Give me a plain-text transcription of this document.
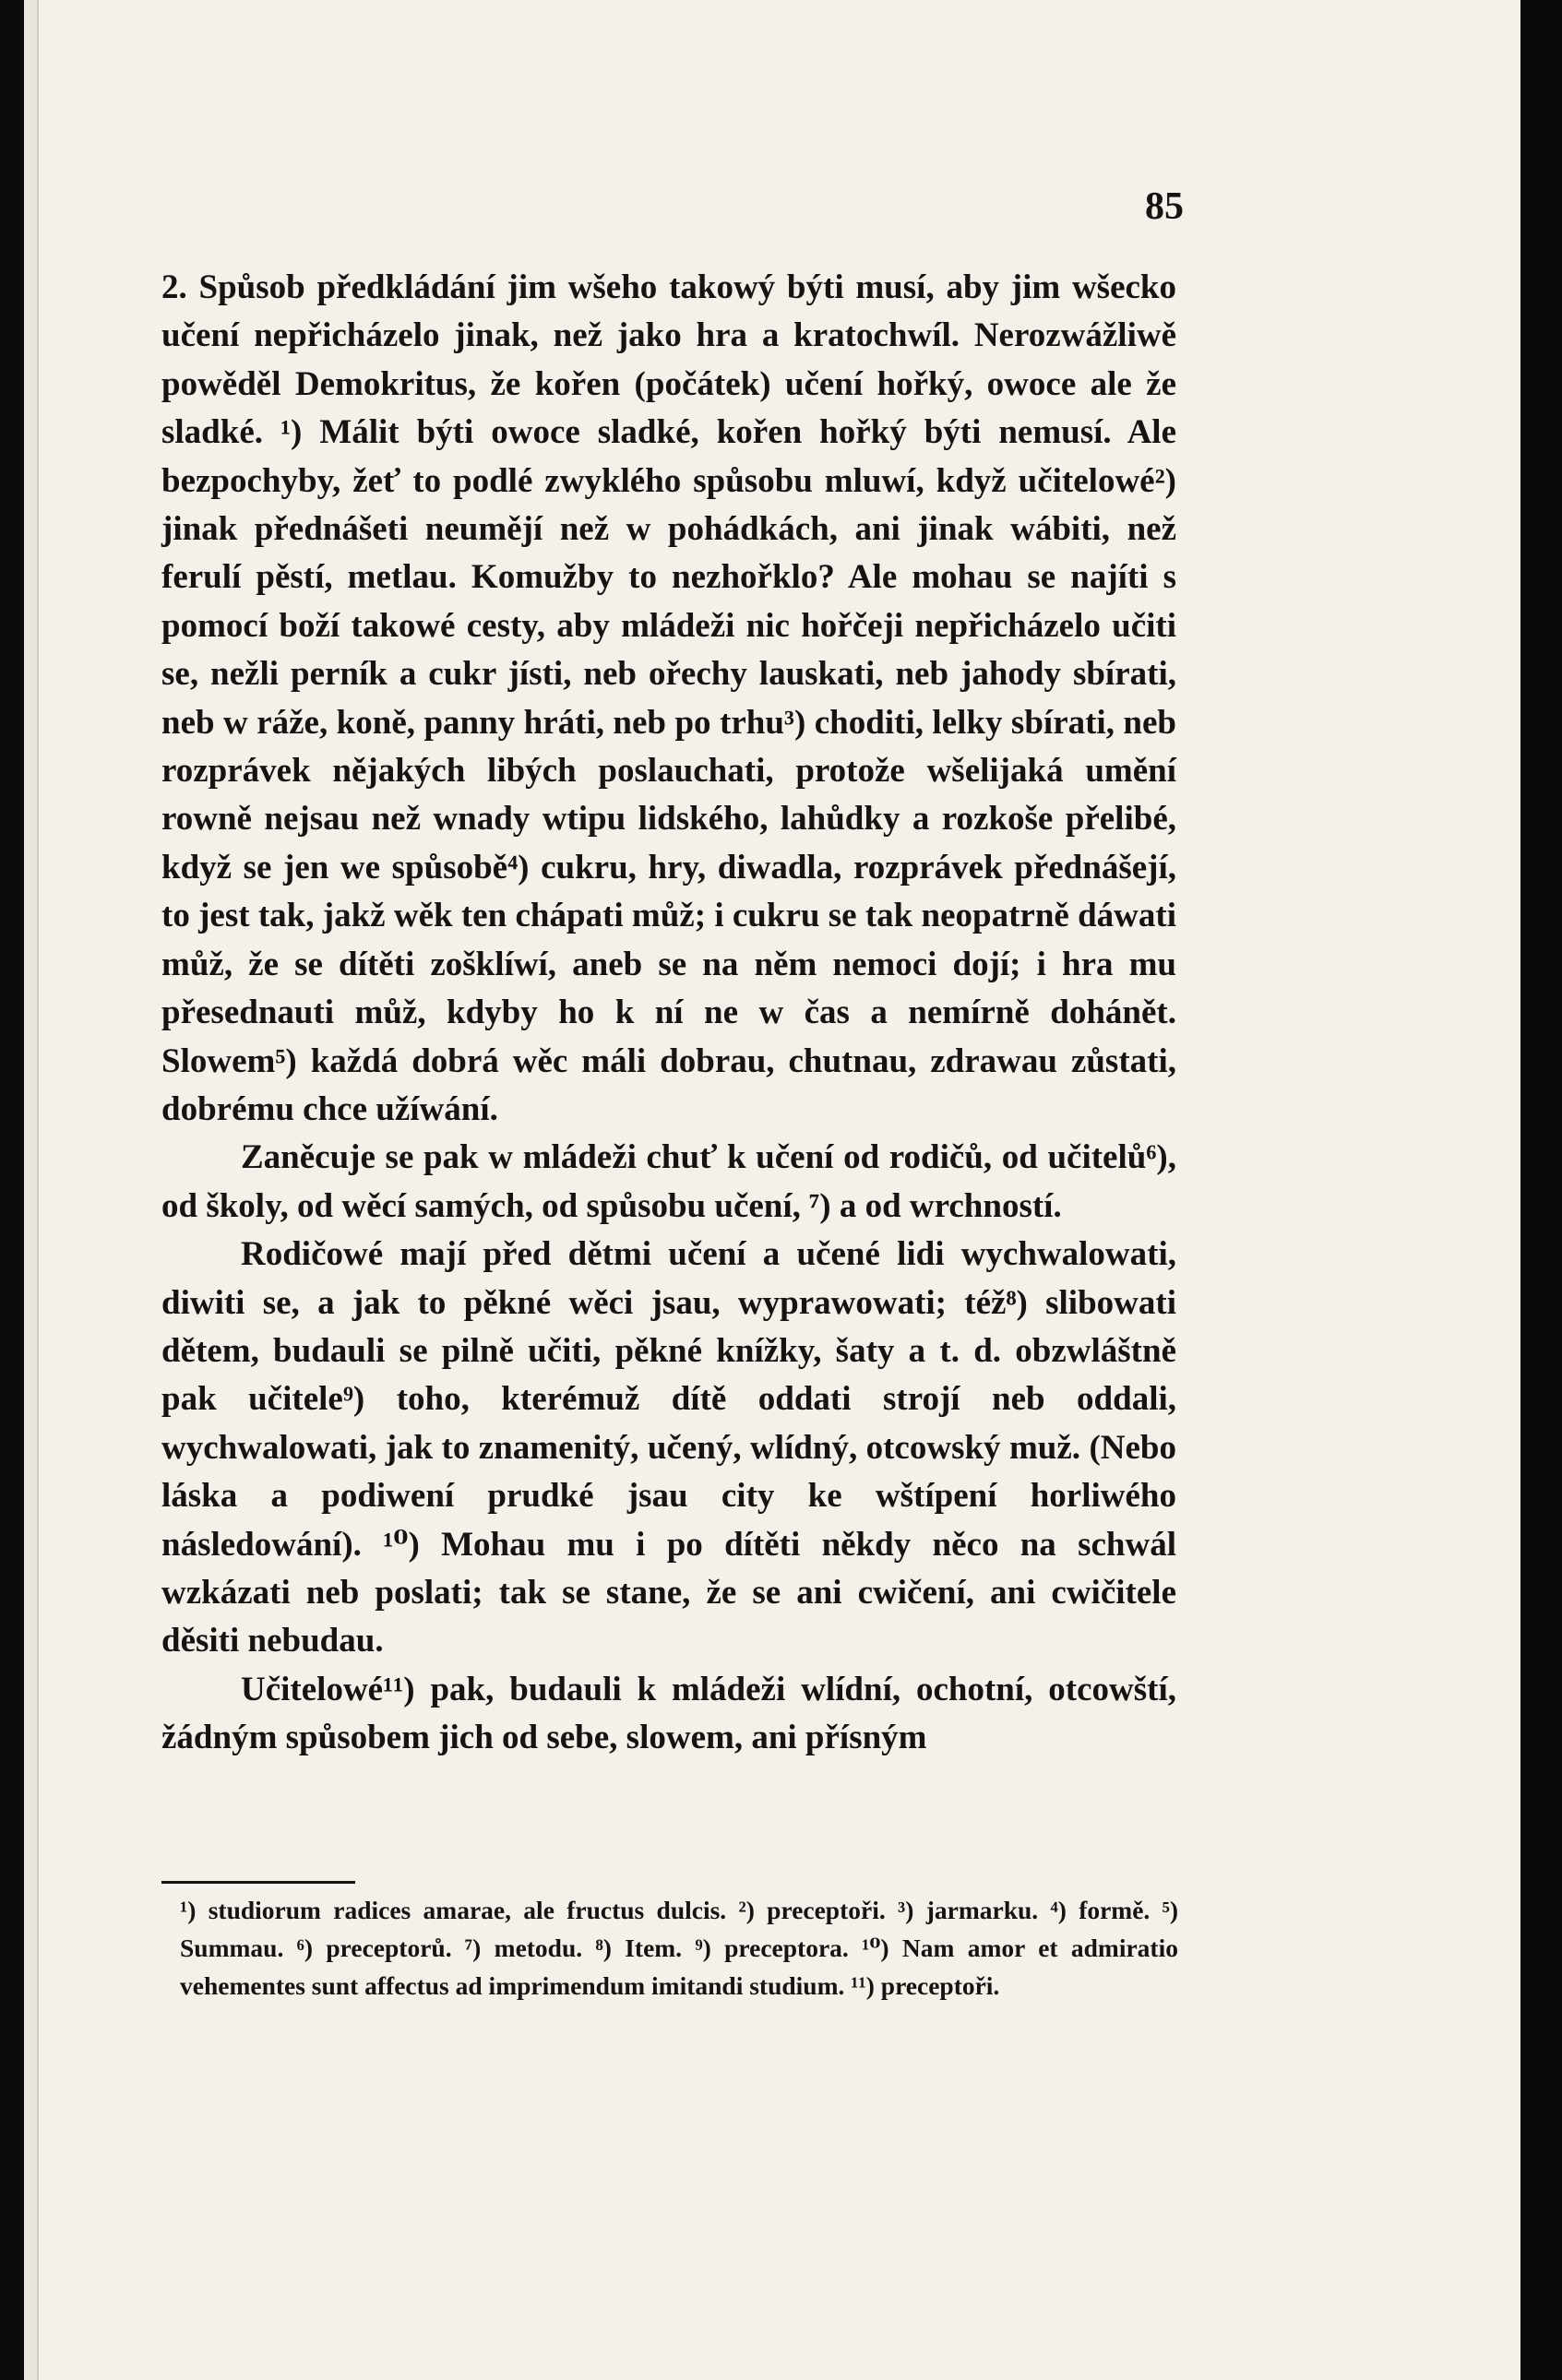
85

2. Spůsob předkládání jim wšeho takowý býti musí, aby jim wšecko učení nepřicházelo jinak, než jako hra a kratochwíl. Nerozwážliwě powěděl Demokritus, že kořen (počátek) učení hořký, owoce ale že sladké. ¹) Málit býti owoce sladké, kořen hořký býti nemusí. Ale bezpochyby, žeť to podlé zwyklého spůsobu mluwí, když učitelowé²) jinak přednášeti neumějí než w pohádkách, ani jinak wábiti, než ferulí pěstí, metlau. Komužby to nezhořklo? Ale mohau se najíti s pomocí boží takowé cesty, aby mládeži nic hořčeji nepřicházelo učiti se, nežli perník a cukr jísti, neb ořechy lauskati, neb jahody sbírati, neb w ráže, koně, panny hráti, neb po trhu³) choditi, lelky sbírati, neb rozprávek nějakých libých poslauchati, protože wšelijaká umění rowně nejsau než wnady wtipu lidského, lahůdky a rozkoše přelibé, když se jen we spůsobě⁴) cukru, hry, diwadla, rozprávek přednášejí, to jest tak, jakž wěk ten chápati můž; i cukru se tak neopatrně dáwati můž, že se dítěti zošklíwí, aneb se na něm nemoci dojí; i hra mu přesednauti můž, kdyby ho k ní ne w čas a nemírně dohánět. Slowem⁵) každá dobrá wěc máli dobrau, chutnau, zdrawau zůstati, dobrému chce užíwání.

Zaněcuje se pak w mládeži chuť k učení od rodičů, od učitelů⁶), od školy, od wěcí samých, od spůsobu učení, ⁷) a od wrchností.

Rodičowé mají před dětmi učení a učené lidi wychwalowati, diwiti se, a jak to pěkné wěci jsau, wyprawowati; též⁸) slibowati dětem, budauli se pilně učiti, pěkné knížky, šaty a t. d. obzwláštně pak učitele⁹) toho, kterémuž dítě oddati strojí neb oddali, wychwalowati, jak to znamenitý, učený, wlídný, otcowský muž. (Nebo láska a podiwení prudké jsau city ke wštípení horliwého následowání). ¹⁰) Mohau mu i po dítěti někdy něco na schwál wzkázati neb poslati; tak se stane, že se ani cwičení, ani cwičitele děsiti nebudau.

Učitelowé¹¹) pak, budauli k mládeži wlídní, ochotní, otcowští, žádným spůsobem jich od sebe, slowem, ani přísným

¹) studiorum radices amarae, ale fructus dulcis. ²) preceptoři. ³) jarmarku. ⁴) formě. ⁵) Summau. ⁶) preceptorů. ⁷) metodu. ⁸) Item. ⁹) preceptora. ¹⁰) Nam amor et admiratio vehementes sunt affectus ad imprimendum imitandi studium. ¹¹) preceptoři.
